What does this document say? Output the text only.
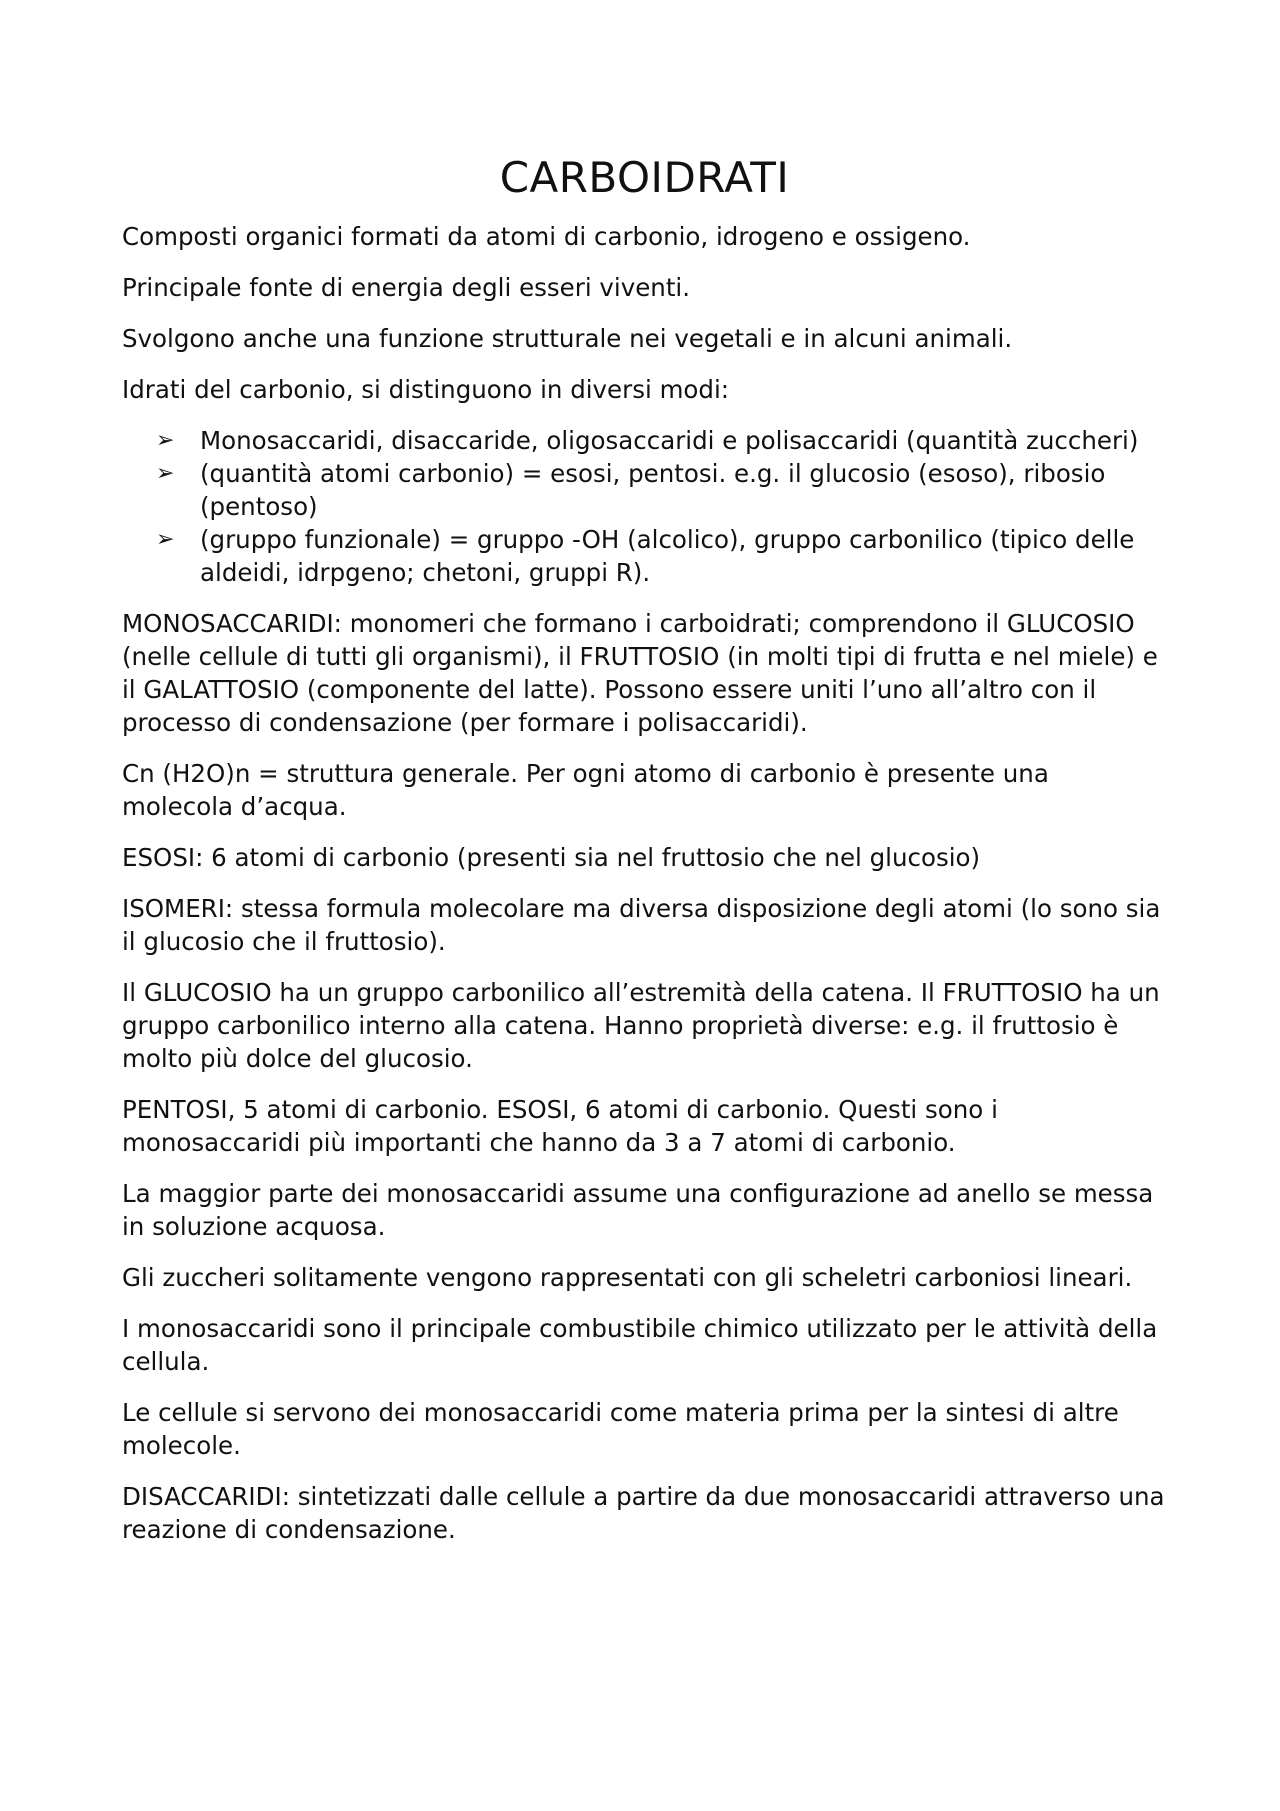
CARBOIDRATI

Composti organici formati da atomi di carbonio, idrogeno e ossigeno.

Principale fonte di energia degli esseri viventi.

Svolgono anche una funzione strutturale nei vegetali e in alcuni animali.

Idrati del carbonio, si distinguono in diversi modi:

➢ Monosaccaridi, disaccaride, oligosaccaridi e polisaccaridi (quantità zuccheri)
➢ (quantità atomi carbonio) = esosi, pentosi. e.g. il glucosio (esoso), ribosio (pentoso)
➢ (gruppo funzionale) = gruppo -OH (alcolico), gruppo carbonilico (tipico delle aldeidi, idrpgeno; chetoni, gruppi R).

MONOSACCARIDI: monomeri che formano i carboidrati; comprendono il GLUCOSIO (nelle cellule di tutti gli organismi), il FRUTTOSIO (in molti tipi di frutta e nel miele) e il GALATTOSIO (componente del latte). Possono essere uniti l’uno all’altro con il processo di condensazione (per formare i polisaccaridi).

Cn (H2O)n = struttura generale. Per ogni atomo di carbonio è presente una molecola d’acqua.

ESOSI: 6 atomi di carbonio (presenti sia nel fruttosio che nel glucosio)

ISOMERI: stessa formula molecolare ma diversa disposizione degli atomi (lo sono sia il glucosio che il fruttosio).

Il GLUCOSIO ha un gruppo carbonilico all’estremità della catena. Il FRUTTOSIO ha un gruppo carbonilico interno alla catena. Hanno proprietà diverse: e.g. il fruttosio è molto più dolce del glucosio.

PENTOSI, 5 atomi di carbonio. ESOSI, 6 atomi di carbonio. Questi sono i monosaccaridi più importanti che hanno da 3 a 7 atomi di carbonio.

La maggior parte dei monosaccaridi assume una configurazione ad anello se messa in soluzione acquosa.

Gli zuccheri solitamente vengono rappresentati con gli scheletri carboniosi lineari.

I monosaccaridi sono il principale combustibile chimico utilizzato per le attività della cellula.

Le cellule si servono dei monosaccaridi come materia prima per la sintesi di altre molecole.

DISACCARIDI: sintetizzati dalle cellule a partire da due monosaccaridi attraverso una reazione di condensazione.
